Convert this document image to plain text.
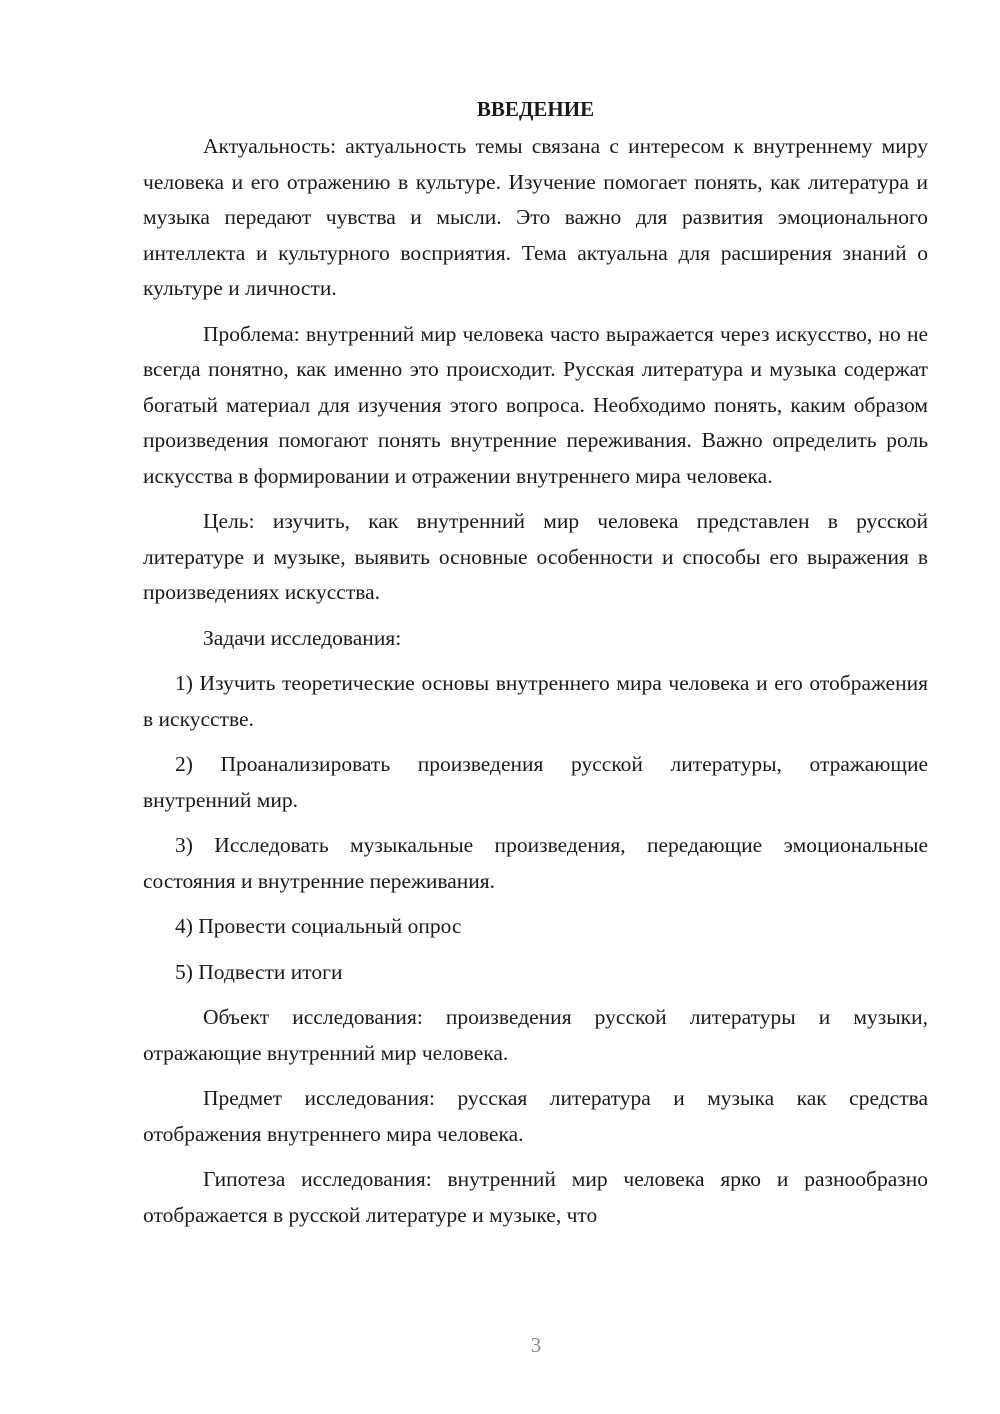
ВВЕДЕНИЕ

Актуальность: актуальность темы связана с интересом к внутреннему миру человека и его отражению в культуре. Изучение помогает понять, как литература и музыка передают чувства и мысли. Это важно для развития эмоционального интеллекта и культурного восприятия. Тема актуальна для расширения знаний о культуре и личности.

Проблема: внутренний мир человека часто выражается через искусство, но не всегда понятно, как именно это происходит. Русская литература и музыка содержат богатый материал для изучения этого вопроса. Необходимо понять, каким образом произведения помогают понять внутренние переживания. Важно определить роль искусства в формировании и отражении внутреннего мира человека.

Цель: изучить, как внутренний мир человека представлен в русской литературе и музыке, выявить основные особенности и способы его выражения в произведениях искусства.

Задачи исследования:

1) Изучить теоретические основы внутреннего мира человека и его отображения в искусстве.

2) Проанализировать произведения русской литературы, отражающие внутренний мир.

3) Исследовать музыкальные произведения, передающие эмоциональные состояния и внутренние переживания.

4) Провести социальный опрос

5) Подвести итоги

Объект исследования: произведения русской литературы и музыки, отражающие внутренний мир человека.

Предмет исследования: русская литература и музыка как средства отображения внутреннего мира человека.

Гипотеза исследования: внутренний мир человека ярко и разнообразно отображается в русской литературе и музыке, что

3
